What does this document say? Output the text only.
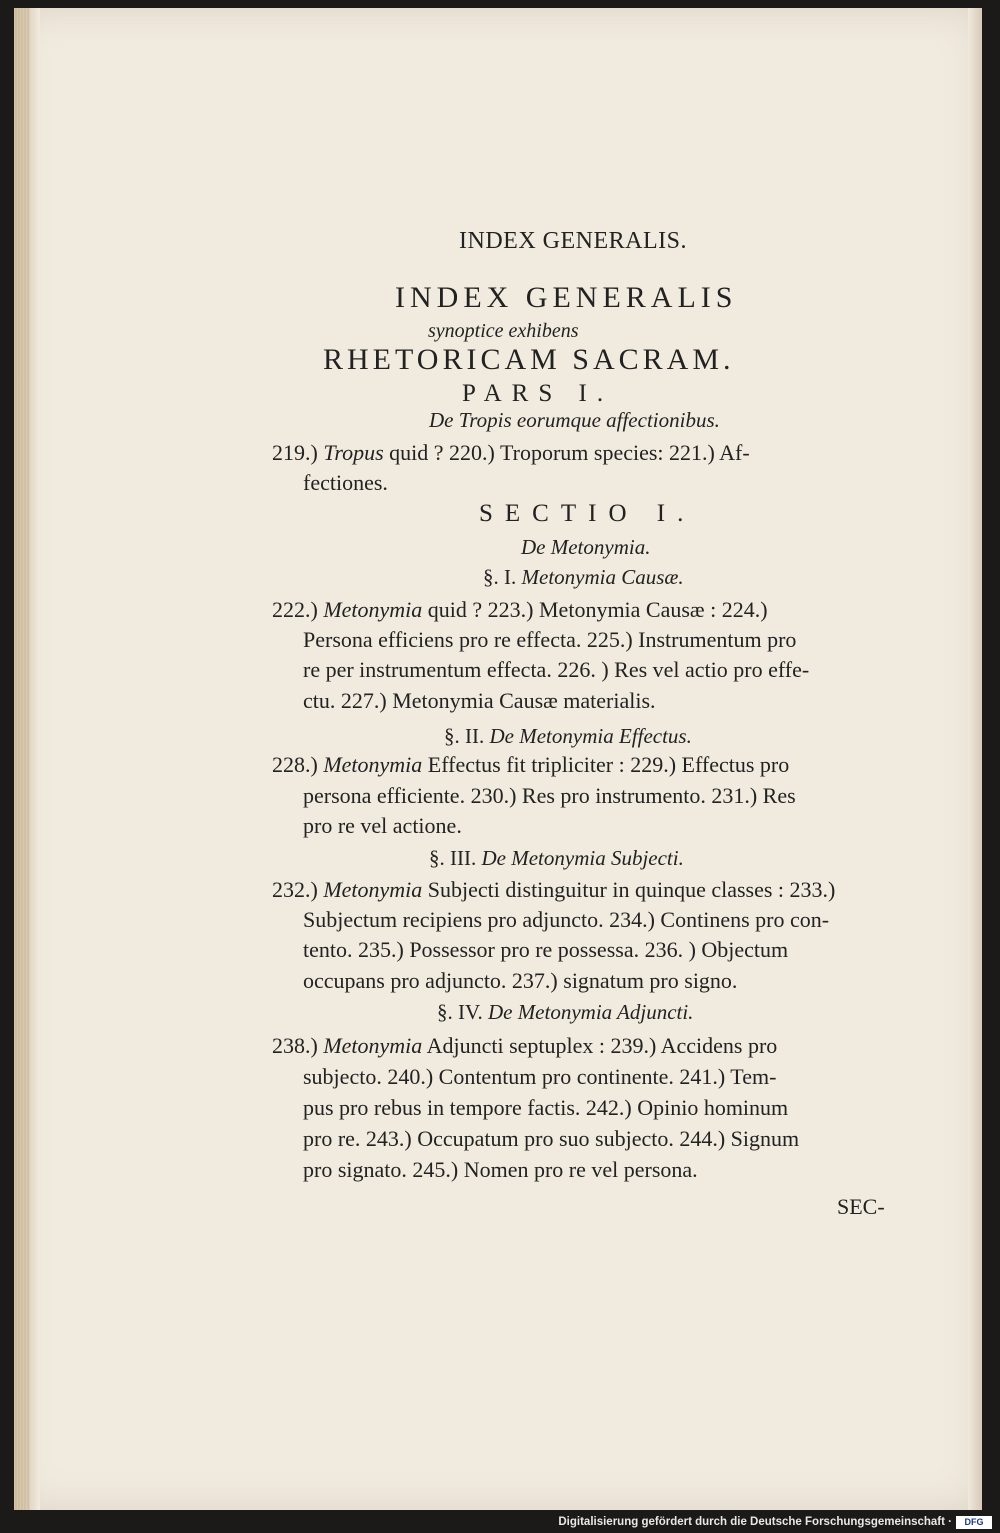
INDEX GENERALIS.
INDEX GENERALIS
synoptice exhibens
RHETORICAM SACRAM.
PARS I.
De Tropis eorumque affectionibus.
219.) Tropus quid ? 220.) Troporum species: 221.) Af-
fectiones.
SECTIO I.
De Metonymia.
§. I. Metonymia Causæ.
222.) Metonymia quid ? 223.) Metonymia Causæ : 224.)
Persona efficiens pro re effecta. 225.) Instrumentum pro
re per instrumentum effecta. 226. ) Res vel actio pro effe-
ctu. 227.) Metonymia Causæ materialis.
§. II. De Metonymia Effectus.
228.) Metonymia Effectus fit tripliciter : 229.) Effectus pro
persona efficiente. 230.) Res pro instrumento. 231.) Res
pro re vel actione.
§. III. De Metonymia Subjecti.
232.) Metonymia Subjecti distinguitur in quinque classes : 233.)
Subjectum recipiens pro adjuncto. 234.) Continens pro con-
tento. 235.) Possessor pro re possessa. 236. ) Objectum
occupans pro adjuncto. 237.) signatum pro signo.
§. IV. De Metonymia Adjuncti.
238.) Metonymia Adjuncti septuplex : 239.) Accidens pro
subjecto. 240.) Contentum pro continente. 241.) Tem-
pus pro rebus in tempore factis. 242.) Opinio hominum
pro re. 243.) Occupatum pro suo subjecto. 244.) Signum
pro signato. 245.) Nomen pro re vel persona.
SEC-
Digitalisierung gefördert durch die Deutsche Forschungsgemeinschaft ·	DFG
